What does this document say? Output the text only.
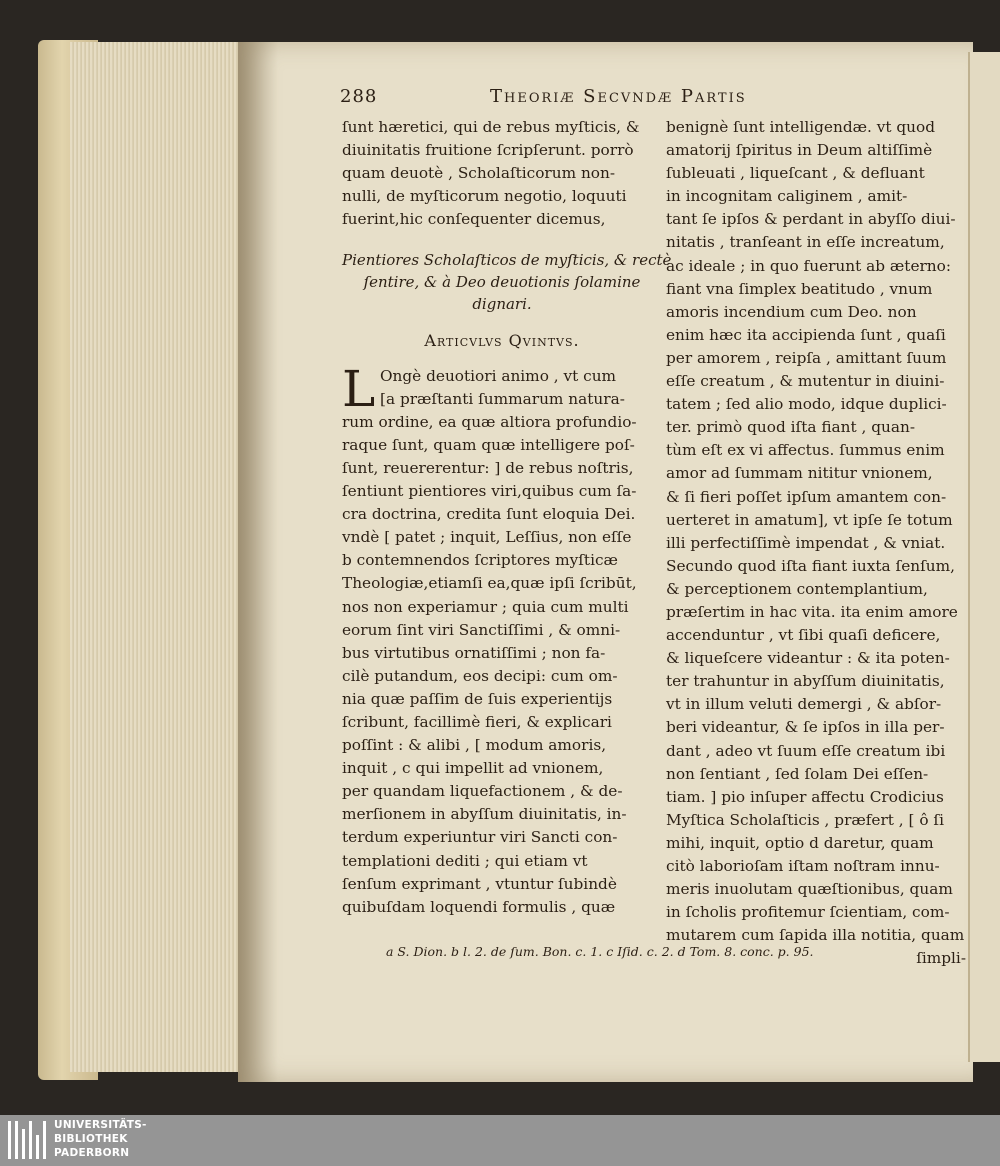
288	Theoriæ Secvndæ Partis
ſunt hæretici, qui de rebus myſticis, &
diuinitatis fruitione ſcripſerunt. porrò
quam deuotè , Scholaſticorum non-
nulli, de myſticorum negotio, loquuti
fuerint,hic conſequenter dicemus,
Pientiores Scholaſticos de myſticis, & rectè
ſentire, & à Deo deuotionis ſolamine
dignari.
Articvlvs Qvintvs.
L Ongè deuotiori animo , vt cum
[a præſtanti ſummarum natura-
rum ordine, ea quæ altiora profundio-
raque ſunt, quam quæ intelligere poſ-
ſunt, reuererentur: ] de rebus noſtris,
ſentiunt pientiores viri,quibus cum ſa-
cra doctrina, credita ſunt eloquia Dei.
vndè [ patet ; inquit, Leſſius, non eſſe
b contemnendos ſcriptores myſticæ
Theologiæ,etiamſi ea,quæ ipſi ſcribūt,
nos non experiamur ; quia cum multi
eorum ſint viri Sanctiſſimi , & omni-
bus virtutibus ornatiſſimi ; non fa-
cilè putandum, eos decipi: cum om-
nia quæ paſſim de ſuis experientijs
ſcribunt, facillimè fieri, & explicari
poſſint : & alibi , [ modum amoris,
inquit , c qui impellit ad vnionem,
per quandam liquefactionem , & de-
merſionem in abyſſum diuinitatis, in-
terdum experiuntur viri Sancti con-
templationi dediti ; qui etiam vt
ſenſum exprimant , vtuntur ſubindè
quibuſdam loquendi formulis , quæ
benignè ſunt intelligendæ. vt quod
amatorij ſpiritus in Deum altiſſimè
ſubleuati , liqueſcant , & defluant
in incognitam caliginem , amit-
tant ſe ipſos & perdant in abyſſo diui-
nitatis , tranſeant in eſſe increatum,
ac ideale ; in quo fuerunt ab æterno:
fiant vna ſimplex beatitudo , vnum
amoris incendium cum Deo. non
enim hæc ita accipienda ſunt , quaſi
per amorem , reipſa , amittant ſuum
eſſe creatum , & mutentur in diuini-
tatem ; ſed alio modo, idque duplici-
ter. primò quod iſta fiant , quan-
tùm eſt ex vi affectus. ſummus enim
amor ad ſummam nititur vnionem,
& ſi fieri poſſet ipſum amantem con-
uerteret in amatum], vt ipſe ſe totum
illi perfectiſſimè impendat , & vniat.
Secundo quod iſta fiant iuxta ſenſum,
& perceptionem contemplantium,
præſertim in hac vita. ita enim amore
accenduntur , vt ſibi quaſi deficere,
& liqueſcere videantur : & ita poten-
ter trahuntur in abyſſum diuinitatis,
vt in illum veluti demergi , & abſor-
beri videantur, & ſe ipſos in illa per-
dant , adeo vt ſuum eſſe creatum ibi
non ſentiant , ſed ſolam Dei eſſen-
tiam. ] pio inſuper affectu Crodicius
Myſtica Scholaſticis , præfert , [ ô ſi
mihi, inquit, optio d daretur, quam
citò laborioſam iſtam noſtram innu-
meris inuolutam quæſtionibus, quam
in ſcholis profitemur ſcientiam, com-
mutarem cum ſapida illa notitia, quam
ſimpli-
a S. Dion. b l. 2. de ſum. Bon. c. 1. c Iſid. c. 2. d Tom. 8. conc. p. 95.
UNIVERSITÄTS-
BIBLIOTHEK
PADERBORN
